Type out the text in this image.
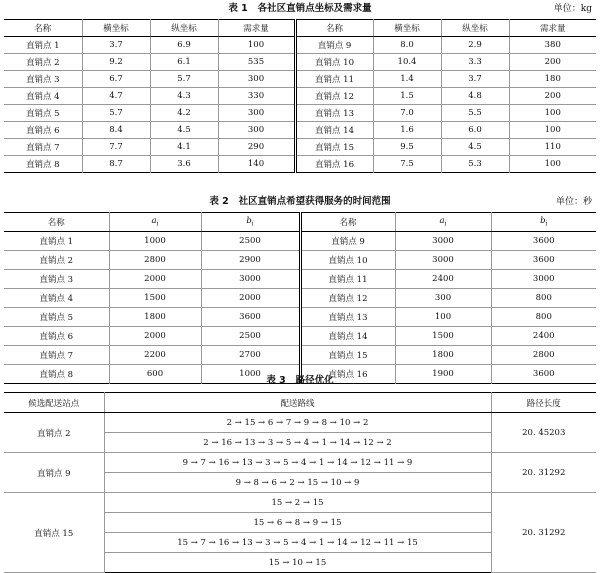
表 1 各社区直销点坐标及需求量	单位：kg
名称	横坐标	纵坐标	需求量	名称	横坐标	纵坐标	需求量
直销点 1	3.7	6.9	100	直销点 9	8.0	2.9	380
直销点 2	9.2	6.1	535	直销点 10	10.4	3.3	200
直销点 3	6.7	5.7	300	直销点 11	1.4	3.7	180
直销点 4	4.7	4.3	330	直销点 12	1.5	4.8	200
直销点 5	5.7	4.2	300	直销点 13	7.0	5.5	100
直销点 6	8.4	4.5	300	直销点 14	1.6	6.0	100
直销点 7	7.7	4.1	290	直销点 15	9.5	4.5	110
直销点 8	8.7	3.6	140	直销点 16	7.5	5.3	100
表 2 社区直销点希望获得服务的时间范围	单位：秒
名称	$a_i$	$b_i$	名称	$a_i$	$b_i$
直销点 1	1000	2500	直销点 9	3000	3600
直销点 2	2800	2900	直销点 10	3000	3600
直销点 3	2000	3000	直销点 11	2400	3000
直销点 4	1500	2000	直销点 12	300	800
直销点 5	1800	3600	直销点 13	100	800
直销点 6	2000	2500	直销点 14	1500	2400
直销点 7	2200	2700	直销点 15	1800	2800
直销点 8	600	1000	直销点 16	1900	3600
表 3 路径优化
候选配送站点	配送路线	路径长度
直销点 2	2 → 15 → 6 → 7 → 9 → 8 → 10 → 2	20. 45203
	2 → 16 → 13 → 3 → 5 → 4 → 1 → 14 → 12 → 2	
直销点 9	9 → 7 → 16 → 13 → 3 → 5 → 4 → 1 → 14 → 12 → 11 → 9	20. 31292
	9 → 8 → 6 → 2 → 15 → 10 → 9	
直销点 15	15 → 2 → 15	20. 31292
	15 → 6 → 8 → 9 → 15	
	15 → 7 → 16 → 13 → 3 → 5 → 4 → 1 → 14 → 12 → 11 → 15	
	15 → 10 → 15	
